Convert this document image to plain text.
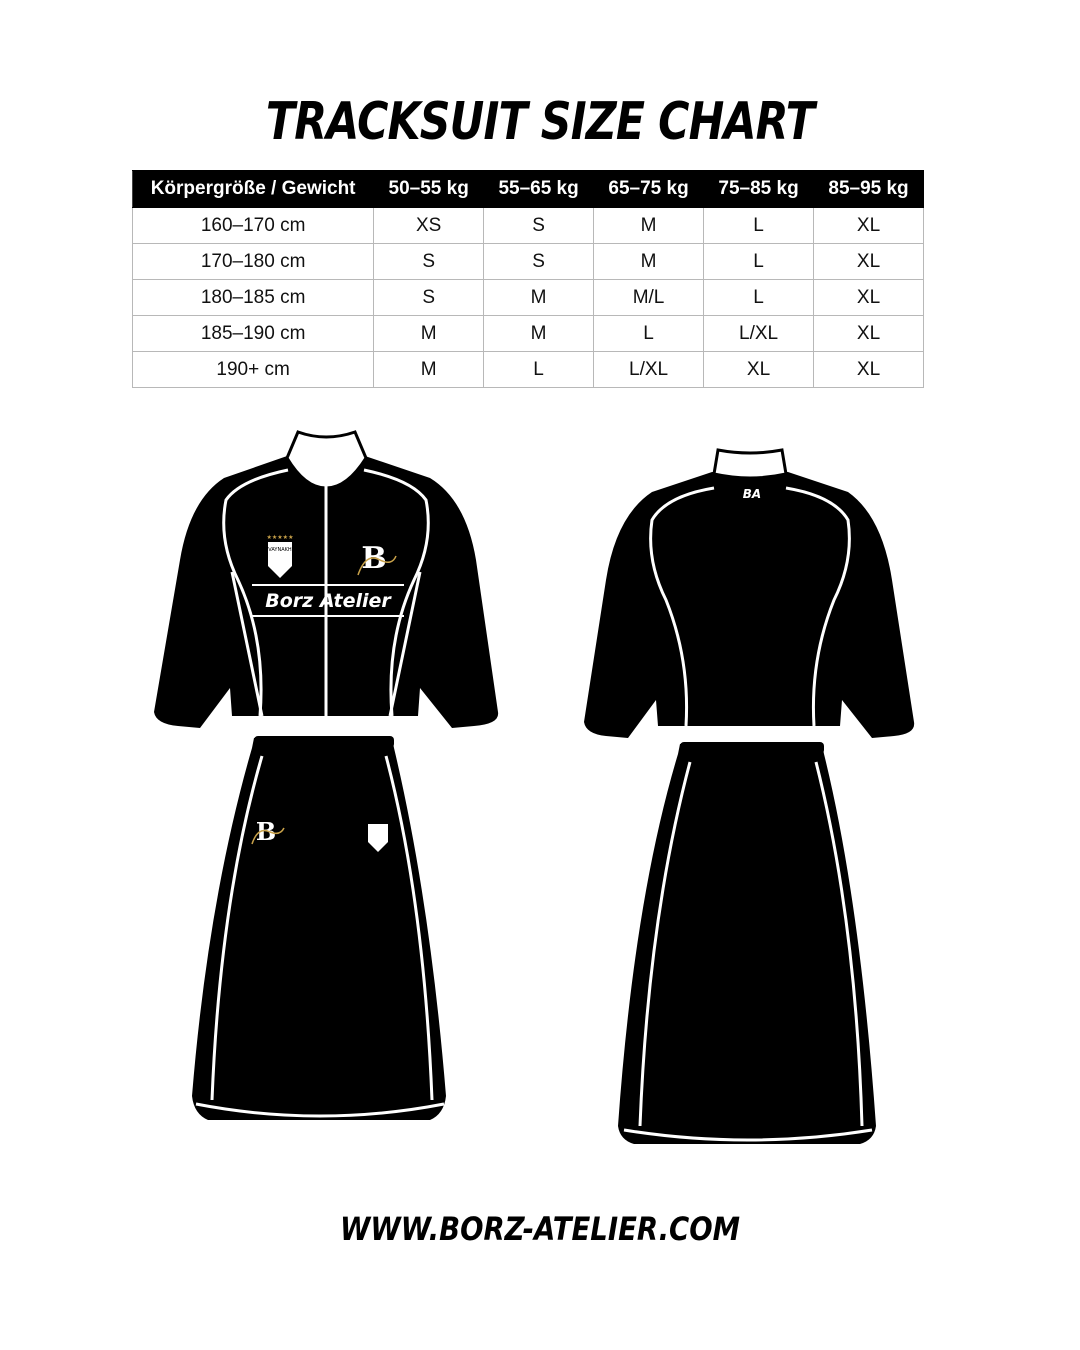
TRACKSUIT SIZE CHART
Körpergröße / Gewicht	50–55 kg	55–65 kg	65–75 kg	75–85 kg	85–95 kg
160–170 cm	XS	S	M	L	XL
170–180 cm	S	S	M	L	XL
180–185 cm	S	M	M/L	L	XL
185–190 cm	M	M	L	L/XL	XL
190+ cm	M	L	L/XL	XL	XL
Borz Atelier
VAYNAKH
★★★★★
B
B
BA
WWW.BORZ-ATELIER.COM
